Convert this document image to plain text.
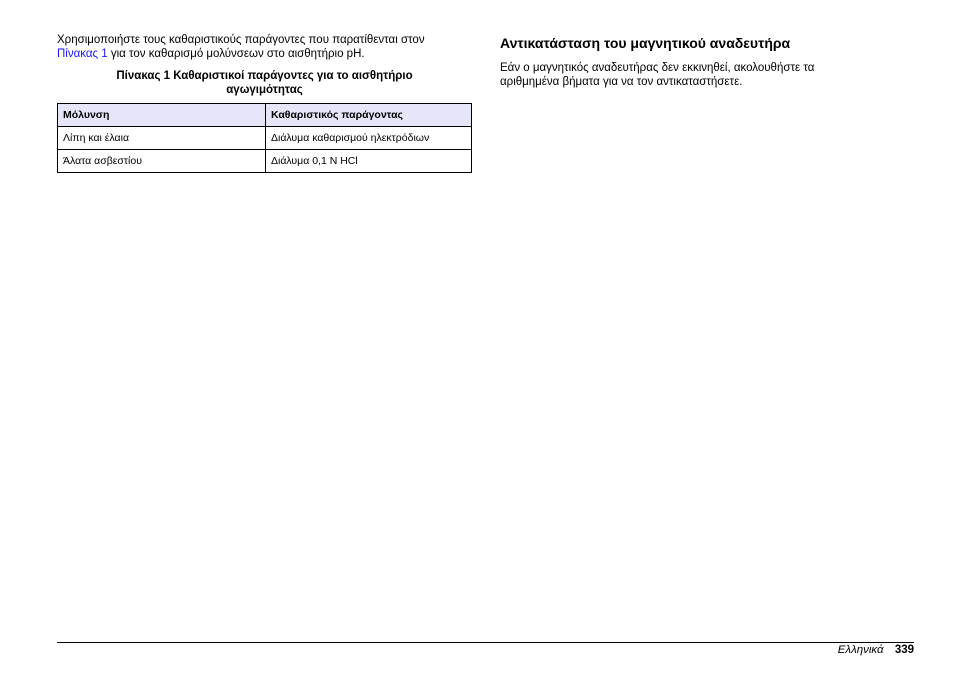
Χρησιμοποιήστε τους καθαριστικούς παράγοντες που παρατίθενται στον
Πίνακας 1 για τον καθαρισμό μολύνσεων στο αισθητήριο pH.

Πίνακας 1 Καθαριστικοί παράγοντες για το αισθητήριο
αγωγιμότητας
Μόλυνση	Καθαριστικός παράγοντας
Λίπη και έλαια	Διάλυμα καθαρισμού ηλεκτρόδιων
Άλατα ασβεστίου	Διάλυμα 0,1 N HCl
Αντικατάσταση του μαγνητικού αναδευτήρα

Εάν ο μαγνητικός αναδευτήρας δεν εκκινηθεί, ακολουθήστε τα
αριθμημένα βήματα για να τον αντικαταστήσετε.

Ελληνικά 339
